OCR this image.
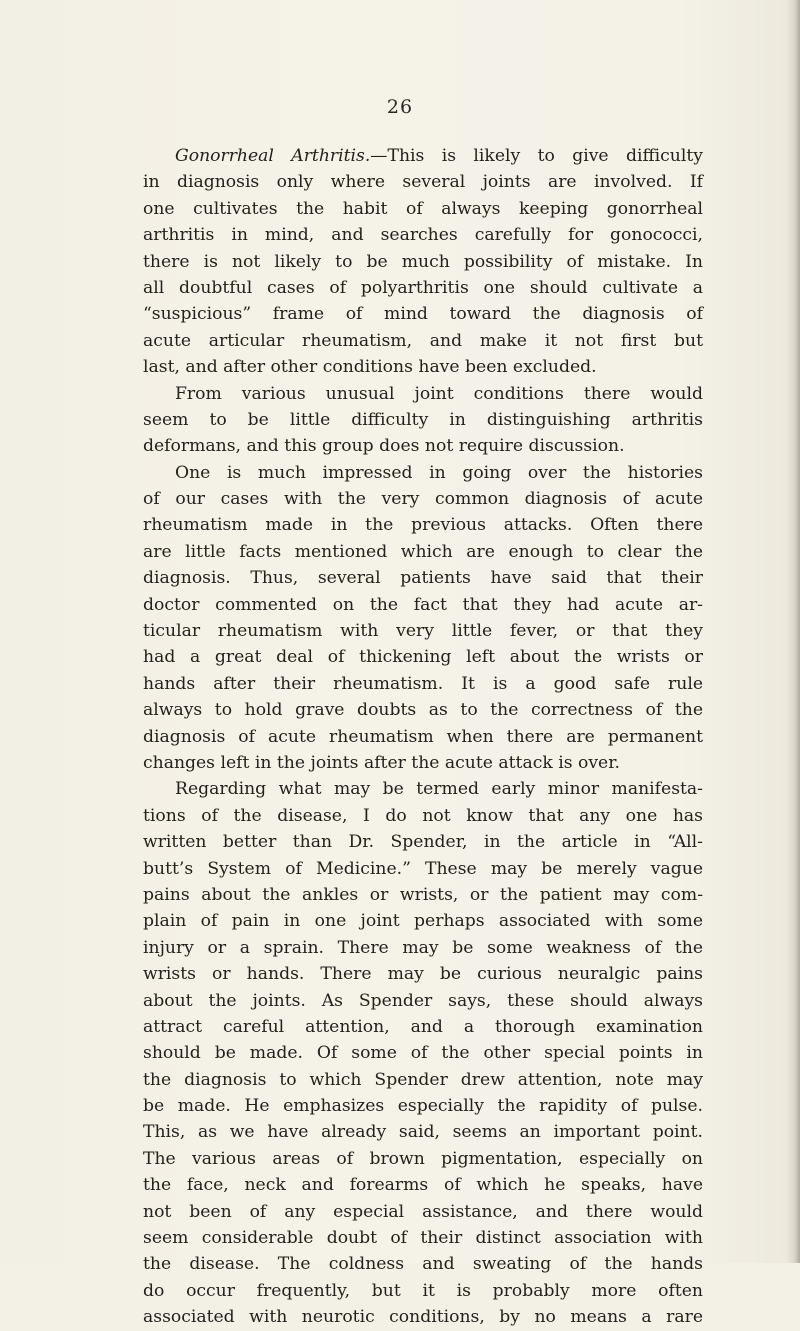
26
Gonorrheal Arthritis.—This is likely to give difficulty
in diagnosis only where several joints are involved. If
one cultivates the habit of always keeping gonorrheal
arthritis in mind, and searches carefully for gonococci,
there is not likely to be much possibility of mistake. In
all doubtful cases of polyarthritis one should cultivate a
“suspicious” frame of mind toward the diagnosis of
acute articular rheumatism, and make it not first but
last, and after other conditions have been excluded.
From various unusual joint conditions there would
seem to be little difficulty in distinguishing arthritis
deformans, and this group does not require discussion.
One is much impressed in going over the histories
of our cases with the very common diagnosis of acute
rheumatism made in the previous attacks. Often there
are little facts mentioned which are enough to clear the
diagnosis. Thus, several patients have said that their
doctor commented on the fact that they had acute ar-
ticular rheumatism with very little fever, or that they
had a great deal of thickening left about the wrists or
hands after their rheumatism. It is a good safe rule
always to hold grave doubts as to the correctness of the
diagnosis of acute rheumatism when there are permanent
changes left in the joints after the acute attack is over.
Regarding what may be termed early minor manifesta-
tions of the disease, I do not know that any one has
written better than Dr. Spender, in the article in “All-
butt’s System of Medicine.” These may be merely vague
pains about the ankles or wrists, or the patient may com-
plain of pain in one joint perhaps associated with some
injury or a sprain. There may be some weakness of the
wrists or hands. There may be curious neuralgic pains
about the joints. As Spender says, these should always
attract careful attention, and a thorough examination
should be made. Of some of the other special points in
the diagnosis to which Spender drew attention, note may
be made. He emphasizes especially the rapidity of pulse.
This, as we have already said, seems an important point.
The various areas of brown pigmentation, especially on
the face, neck and forearms of which he speaks, have
not been of any especial assistance, and there would
seem considerable doubt of their distinct association with
the disease. The coldness and sweating of the hands
do occur frequently, but it is probably more often
associated with neurotic conditions, by no means a rare
